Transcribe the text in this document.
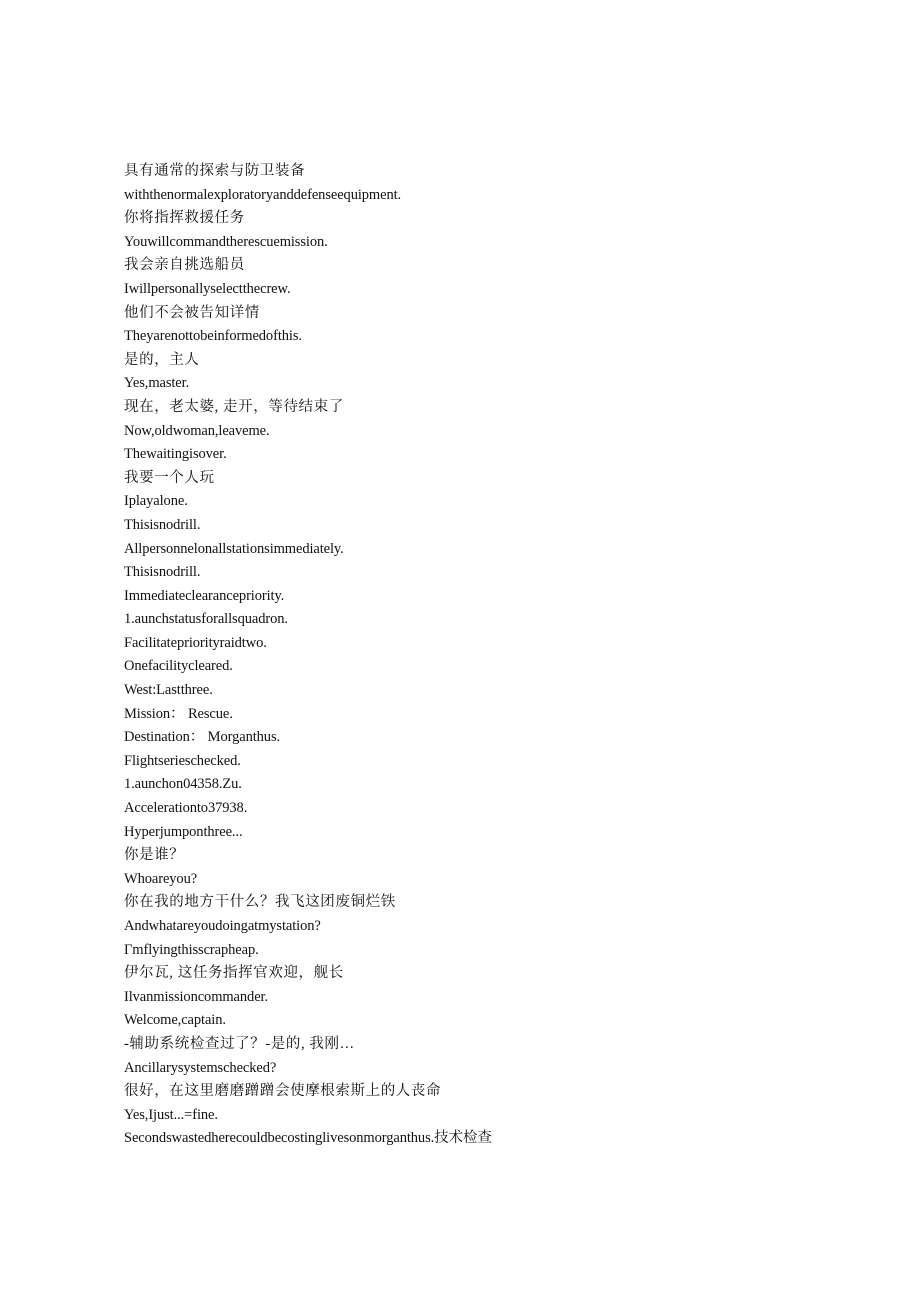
具有通常的探索与防卫装备
withthenormalexploratoryanddefenseequipment.
你将指挥救援任务
Youwillcommandtherescuemission.
我会亲自挑选船员
Iwillpersonallyselectthecrew.
他们不会被告知详情
Theyarenottobeinformedofthis.
是的，主人
Yes,master.
现在，老太婆, 走开，等待结束了
Now,oldwoman,leaveme.
Thewaitingisover.
我要一个人玩
Iplayalone.
Thisisnodrill.
Allpersonnelonallstationsimmediately.
Thisisnodrill.
Immediateclearancepriority.
1.aunchstatusforallsquadron.
Facilitatepriorityraidtwo.
Onefacilitycleared.
West:Lastthree.
Mission： Rescue.
Destination： Morganthus.
Flightserieschecked.
1.aunchon04358.Zu.
Accelerationto37938.
Hyperjumponthree...
你是谁？
Whoareyou?
你在我的地方干什么？我飞这团废铜烂铁
Andwhatareyoudoingatmystation?
Γmflyingthisscrapheap.
伊尔瓦, 这任务指挥官欢迎，舰长
Ilvanmissioncommander.
Welcome,captain.
-辅助系统检查过了？-是的, 我刚…
Ancillarysystemschecked?
很好，在这里磨磨蹭蹭会使摩根索斯上的人丧命
Yes,Ijust...=fine.
Secondswastedherecouldbecostinglivesonmorganthus.技术检查
